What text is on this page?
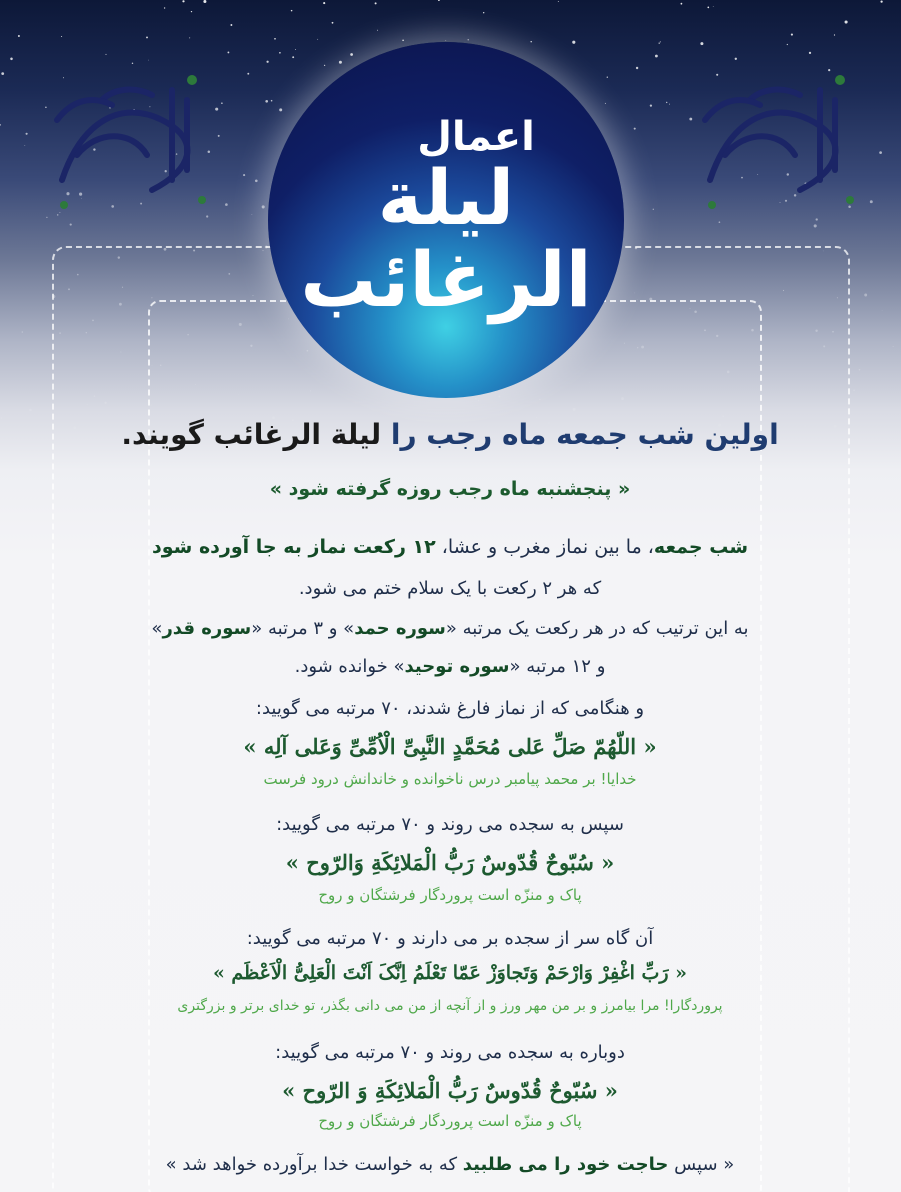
اعمال
لیلة
الرغائب
اولین شب جمعه ماه رجب را لیلة الرغائب گویند.
« پنجشنبه ماه رجب روزه گرفته شود »
شب جمعه، ما بین نماز مغرب و عشا، ۱۲ رکعت نماز به جا آورده شود
که هر ۲ رکعت با یک سلام ختم می شود.
به این ترتیب که در هر رکعت یک مرتبه «سوره حمد» و ۳ مرتبه «سوره قدر»
و ۱۲ مرتبه «سوره توحید» خوانده شود.
و هنگامی که از نماز فارغ شدند، ۷۰ مرتبه می گویید:
« اللّهُمّ صَلِّ عَلی مُحَمَّدٍ النَّبِیِّ الْاُمِّیِّ وَعَلی آلِه »
خدایا! بر محمد پیامبر درس ناخوانده و خاندانش درود فرست
سپس به سجده می روند و ۷۰ مرتبه می گویید:
« سُبّوحٌ قُدّوسٌ رَبُّ الْمَلائِکَةِ وَالرّوح »
پاک و منزّه است پروردگار فرشتگان و روح
آن گاه سر از سجده بر می دارند و ۷۰ مرتبه می گویید:
« رَبِّ اغْفِرْ وَارْحَمْ وَتَجاوَزْ عَمّا تَعْلَمُ اِنَّکَ اَنْتَ الْعَلِیُّ الْاَعْظَم »
پروردگارا! مرا بیامرز و بر من مهر ورز و از آنچه از من می دانی بگذر، تو خدای برتر و بزرگتری
دوباره به سجده می روند و ۷۰ مرتبه می گویید:
« سُبّوحٌ قُدّوسٌ رَبُّ الْمَلائِکَةِ وَ الرّوح »
پاک و منزّه است پروردگار فرشتگان و روح
« سپس حاجت خود را می طلبید که به خواست خدا برآورده خواهد شد »
